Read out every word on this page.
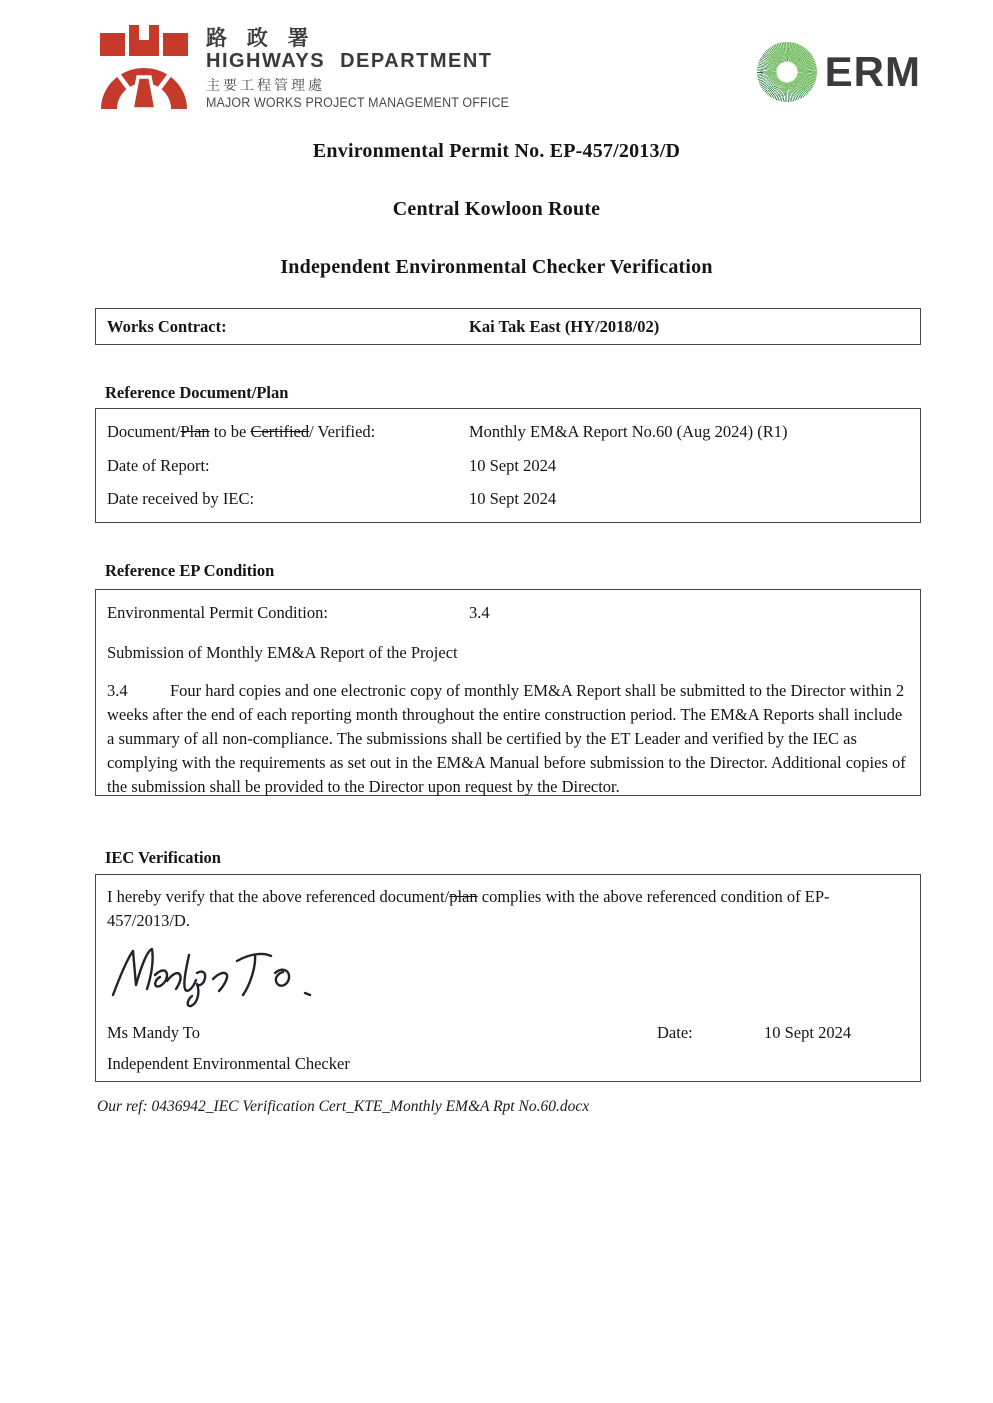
路 政 署
HIGHWAYS DEPARTMENT
主要工程管理處
MAJOR WORKS PROJECT MANAGEMENT OFFICE
ERM
Environmental Permit No. EP-457/2013/D
Central Kowloon Route
Independent Environmental Checker Verification
Works Contract:	Kai Tak East (HY/2018/02)
Reference Document/Plan
Document/Plan to be Certified/ Verified:	Monthly EM&A Report No.60 (Aug 2024) (R1)
Date of Report:	10 Sept 2024
Date received by IEC:	10 Sept 2024
Reference EP Condition
Environmental Permit Condition:	3.4
Submission of Monthly EM&A Report of the Project
3.4	Four hard copies and one electronic copy of monthly EM&A Report shall be submitted to the Director within 2 weeks after the end of each reporting month throughout the entire construction period. The EM&A Reports shall include a summary of all non-compliance. The submissions shall be certified by the ET Leader and verified by the IEC as complying with the requirements as set out in the EM&A Manual before submission to the Director. Additional copies of the submission shall be provided to the Director upon request by the Director.
IEC Verification
I hereby verify that the above referenced document/plan complies with the above referenced condition of EP-457/2013/D.
Ms Mandy To	Date:	10 Sept 2024
Independent Environmental Checker
Our ref: 0436942_IEC Verification Cert_KTE_Monthly EM&A Rpt No.60.docx
